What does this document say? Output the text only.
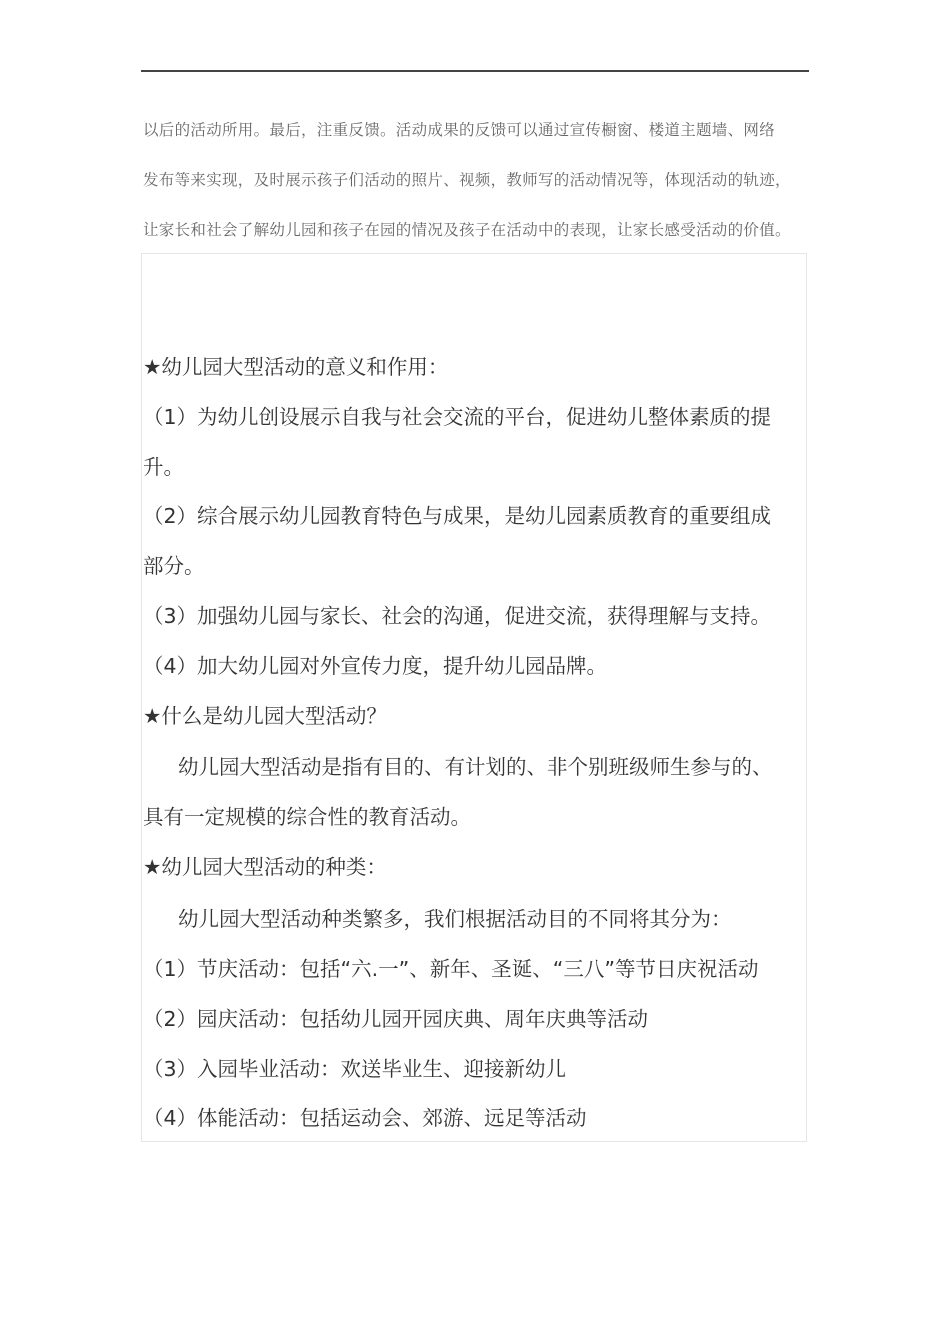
以后的活动所用。最后，注重反馈。活动成果的反馈可以通过宣传橱窗、楼道主题墙、网络
发布等来实现，及时展示孩子们活动的照片、视频，教师写的活动情况等，体现活动的轨迹，
让家长和社会了解幼儿园和孩子在园的情况及孩子在活动中的表现，让家长感受活动的价值。
★幼儿园大型活动的意义和作用：
（1）为幼儿创设展示自我与社会交流的平台，促进幼儿整体素质的提
升。
（2）综合展示幼儿园教育特色与成果，是幼儿园素质教育的重要组成
部分。
（3）加强幼儿园与家长、社会的沟通，促进交流，获得理解与支持。
（4）加大幼儿园对外宣传力度，提升幼儿园品牌。
★什么是幼儿园大型活动？
幼儿园大型活动是指有目的、有计划的、非个别班级师生参与的、
具有一定规模的综合性的教育活动。
★幼儿园大型活动的种类：
幼儿园大型活动种类繁多，我们根据活动目的不同将其分为：
（1）节庆活动：包括“六.一”、新年、圣诞、“三八”等节日庆祝活动
（2）园庆活动：包括幼儿园开园庆典、周年庆典等活动
（3）入园毕业活动：欢送毕业生、迎接新幼儿
（4）体能活动：包括运动会、郊游、远足等活动
